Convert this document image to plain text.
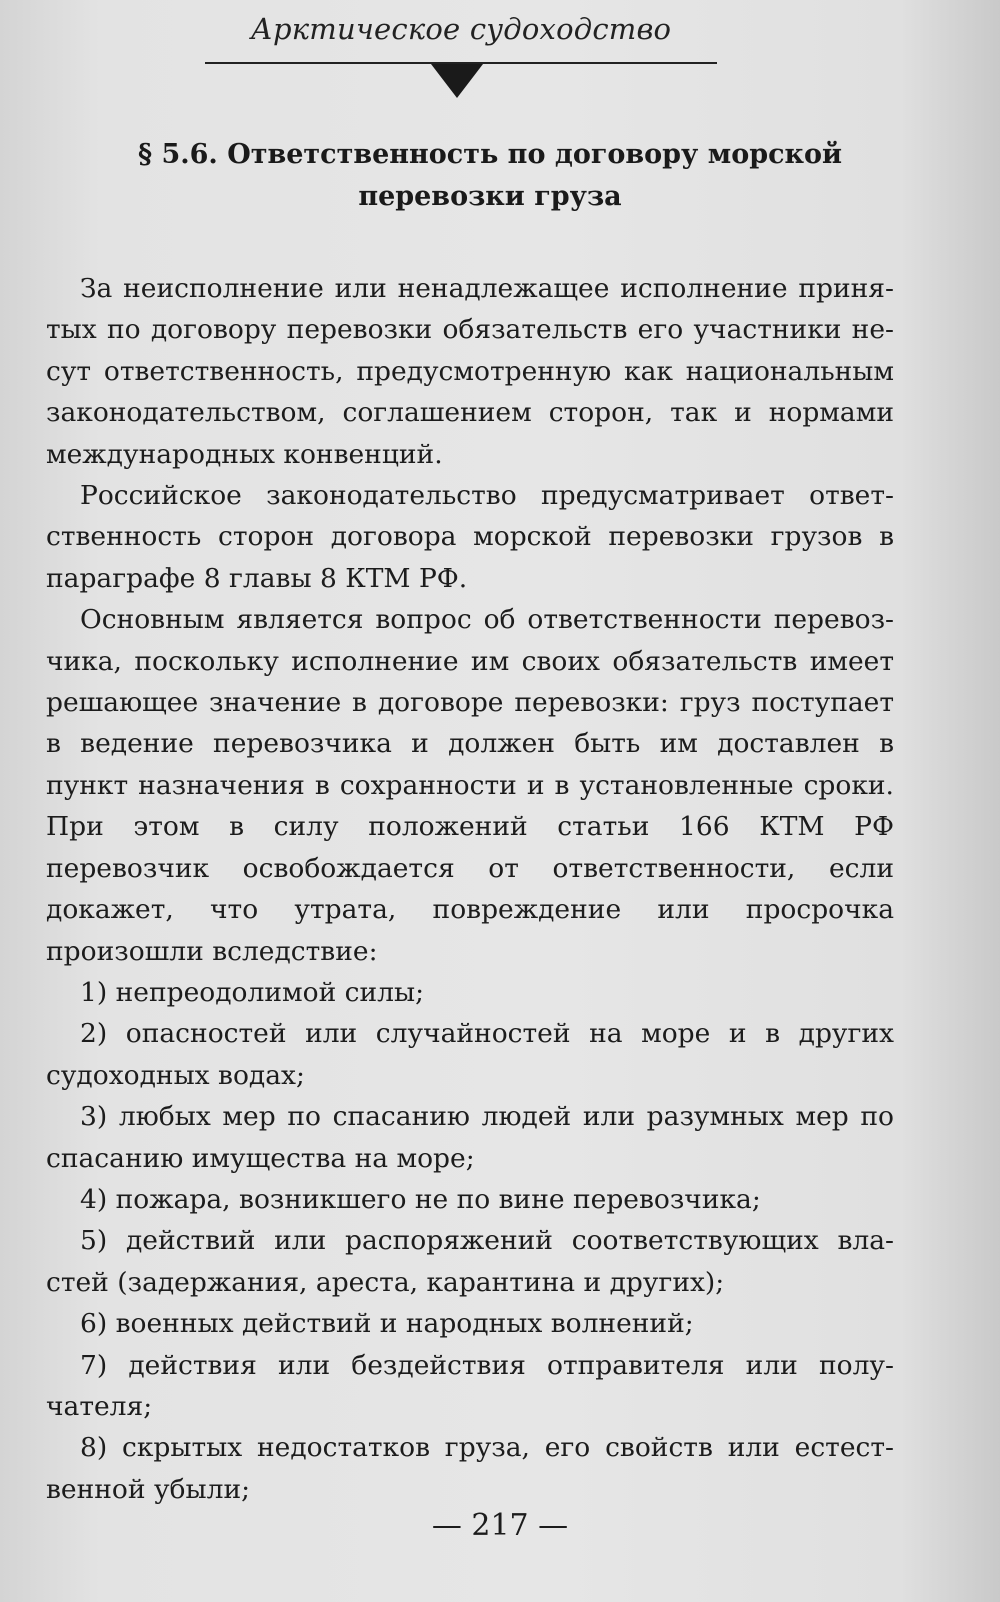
Арктическое судоходство
§ 5.6. Ответственность по договору морской перевозки груза

За неисполнение или ненадлежащее исполнение принятых по договору перевозки обязательств его участники несут ответственность, предусмотренную как национальным законодательством, соглашением сторон, так и нормами международных конвенций.

Российское законодательство предусматривает ответственность сторон договора морской перевозки грузов в параграфе 8 главы 8 КТМ РФ.

Основным является вопрос об ответственности перевозчика, поскольку исполнение им своих обязательств имеет решающее значение в договоре перевозки: груз поступает в ведение перевозчика и должен быть им доставлен в пункт назначения в сохранности и в установленные сроки. При этом в силу положений статьи 166 КТМ РФ перевозчик освобождается от ответственности, если докажет, что утрата, повреждение или просрочка произошли вследствие:

1) непреодолимой силы;

2) опасностей или случайностей на море и в других судоходных водах;

3) любых мер по спасанию людей или разумных мер по спасанию имущества на море;

4) пожара, возникшего не по вине перевозчика;

5) действий или распоряжений соответствующих властей (задержания, ареста, карантина и других);

6) военных действий и народных волнений;

7) действия или бездействия отправителя или получателя;

8) скрытых недостатков груза, его свойств или естественной убыли;

— 217 —
